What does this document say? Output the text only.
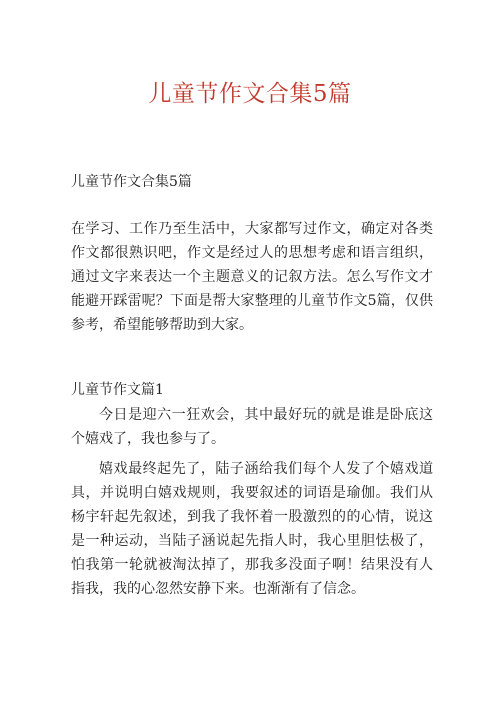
儿童节作文合集5篇
儿童节作文合集5篇
在学习、工作乃至生活中，大家都写过作文，确定对各类作文都很熟识吧，作文是经过人的思想考虑和语言组织，通过文字来表达一个主题意义的记叙方法。怎么写作文才能避开踩雷呢？下面是帮大家整理的儿童节作文5篇，仅供参考，希望能够帮助到大家。
儿童节作文篇1

今日是迎六一狂欢会，其中最好玩的就是谁是卧底这个嬉戏了，我也参与了。

嬉戏最终起先了，陆子涵给我们每个人发了个嬉戏道具，并说明白嬉戏规则，我要叙述的词语是瑜伽。我们从杨宇轩起先叙述，到我了我怀着一股激烈的的心情，说这是一种运动，当陆子涵说起先指人时，我心里胆怯极了，怕我第一轮就被淘汰掉了，那我多没面子啊！结果没有人指我，我的心忽然安静下来。也渐渐有了信念。
